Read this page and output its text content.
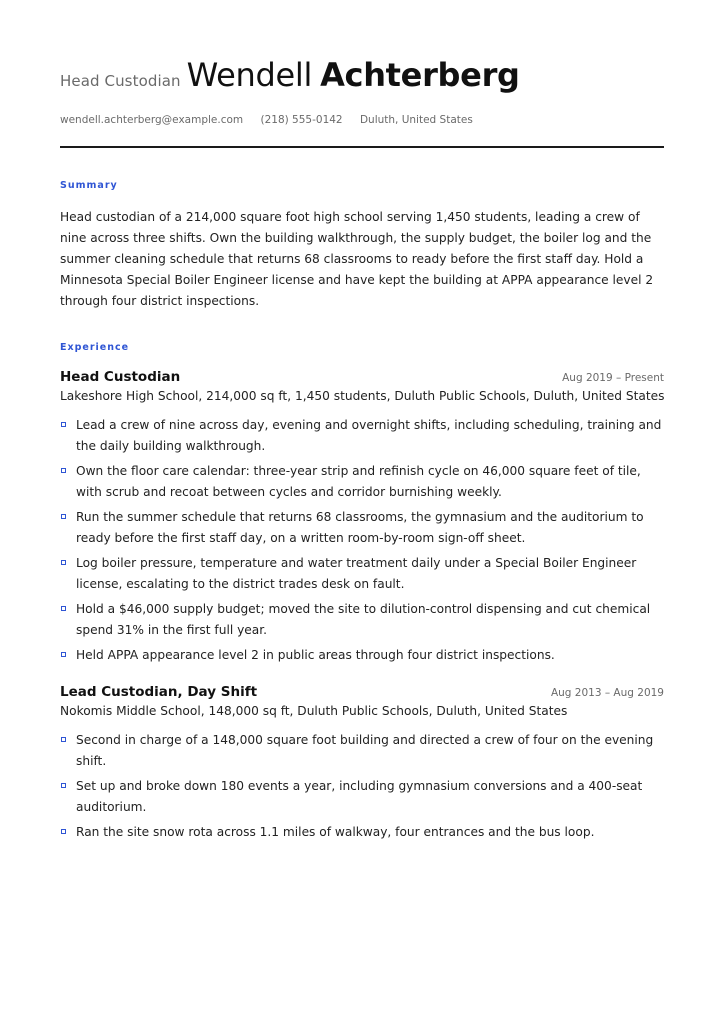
Head Custodian Wendell Achterberg
wendell.achterberg@example.com (218) 555-0142 Duluth, United States
Summary
Head custodian of a 214,000 square foot high school serving 1,450 students, leading a crew of nine across three shifts. Own the building walkthrough, the supply budget, the boiler log and the summer cleaning schedule that returns 68 classrooms to ready before the first staff day. Hold a Minnesota Special Boiler Engineer license and have kept the building at APPA appearance level 2 through four district inspections.
Experience
Head Custodian	Aug 2019 – Present
Lakeshore High School, 214,000 sq ft, 1,450 students, Duluth Public Schools, Duluth, United States
Lead a crew of nine across day, evening and overnight shifts, including scheduling, training and the daily building walkthrough.
Own the floor care calendar: three-year strip and refinish cycle on 46,000 square feet of tile, with scrub and recoat between cycles and corridor burnishing weekly.
Run the summer schedule that returns 68 classrooms, the gymnasium and the auditorium to ready before the first staff day, on a written room-by-room sign-off sheet.
Log boiler pressure, temperature and water treatment daily under a Special Boiler Engineer license, escalating to the district trades desk on fault.
Hold a $46,000 supply budget; moved the site to dilution-control dispensing and cut chemical spend 31% in the first full year.
Held APPA appearance level 2 in public areas through four district inspections.
Lead Custodian, Day Shift	Aug 2013 – Aug 2019
Nokomis Middle School, 148,000 sq ft, Duluth Public Schools, Duluth, United States
Second in charge of a 148,000 square foot building and directed a crew of four on the evening shift.
Set up and broke down 180 events a year, including gymnasium conversions and a 400-seat auditorium.
Ran the site snow rota across 1.1 miles of walkway, four entrances and the bus loop.
